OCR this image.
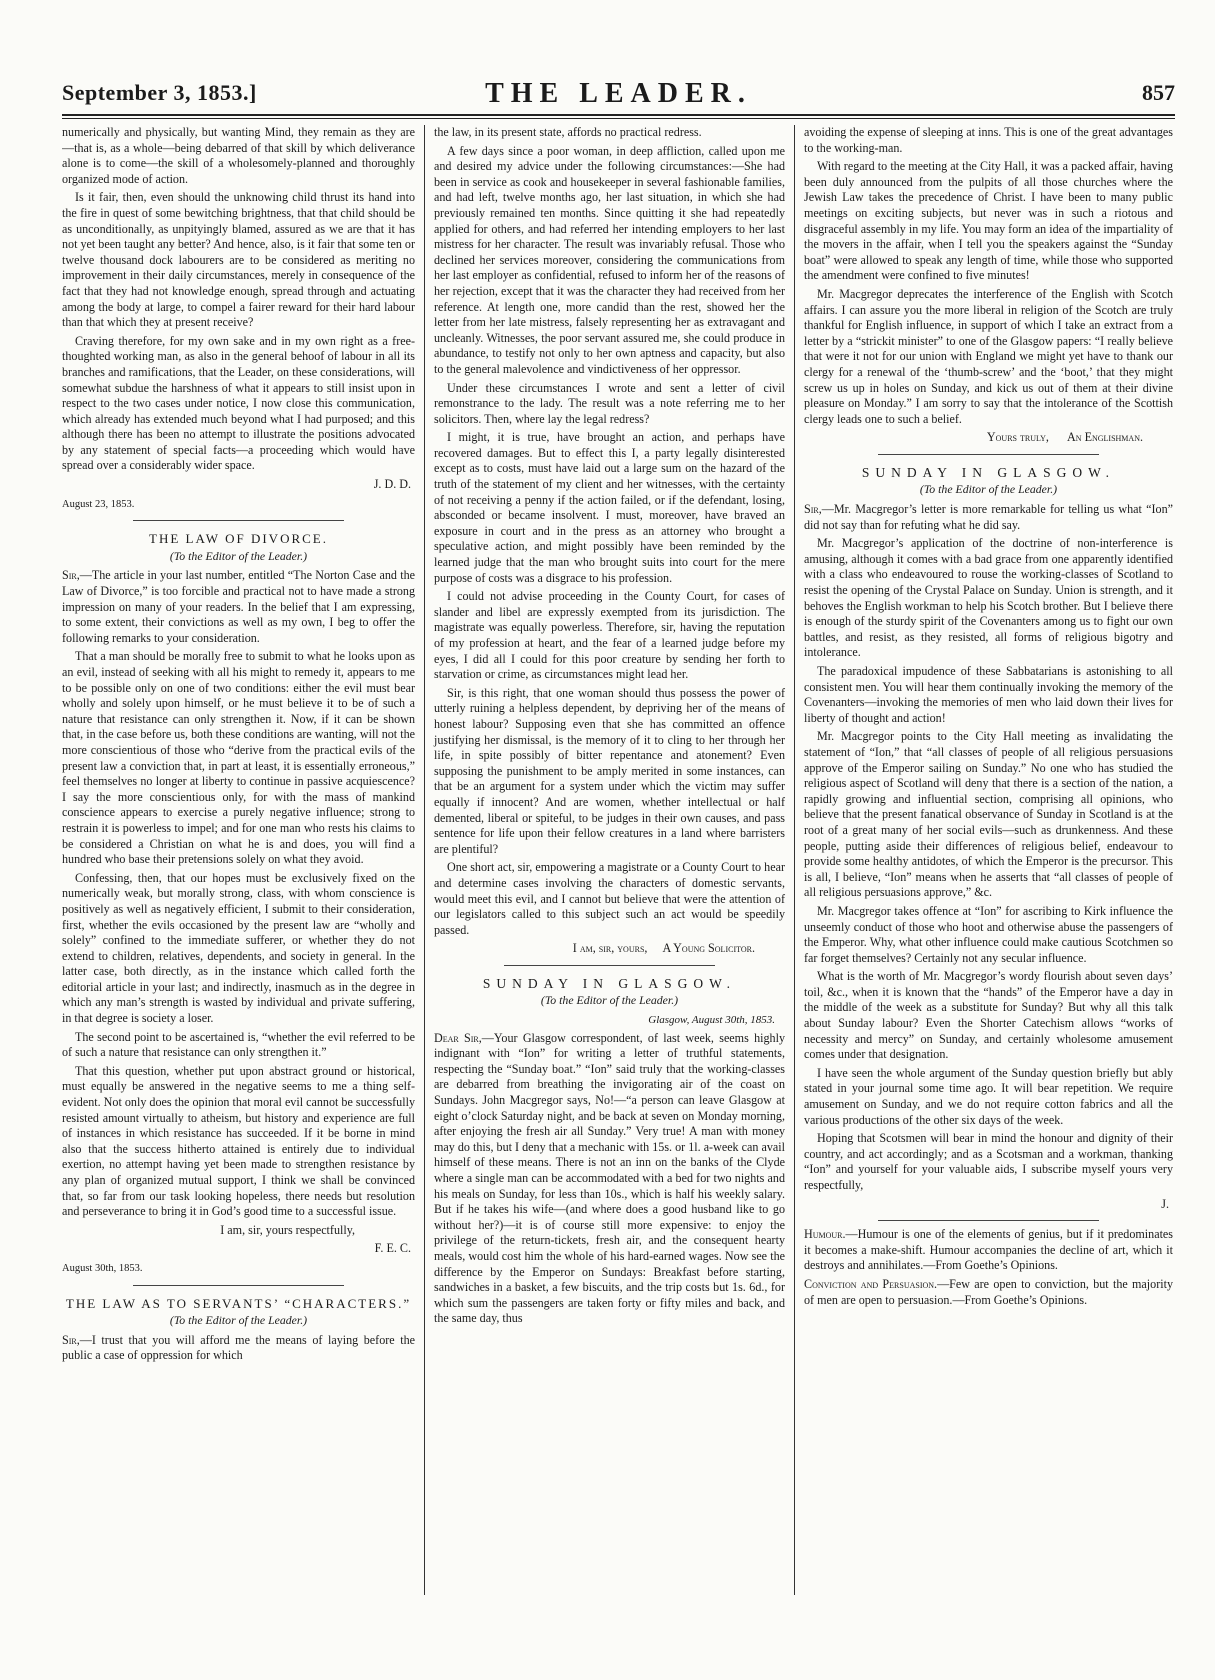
September 3, 1853.]	THE LEADER.	857

numerically and physically, but wanting Mind, they remain as they are—that is, as a whole—being debarred of that skill by which deliverance alone is to come—the skill of a wholesomely-planned and thoroughly organized mode of action.

Is it fair, then, even should the unknowing child thrust its hand into the fire in quest of some bewitching brightness, that that child should be as unconditionally, as unpityingly blamed, assured as we are that it has not yet been taught any better? And hence, also, is it fair that some ten or twelve thousand dock labourers are to be considered as meriting no improvement in their daily circumstances, merely in consequence of the fact that they had not knowledge enough, spread through and actuating among the body at large, to compel a fairer reward for their hard labour than that which they at present receive?

Craving therefore, for my own sake and in my own right as a free-thoughted working man, as also in the general behoof of labour in all its branches and ramifications, that the Leader, on these considerations, will somewhat subdue the harshness of what it appears to still insist upon in respect to the two cases under notice, I now close this communication, which already has extended much beyond what I had purposed; and this although there has been no attempt to illustrate the positions advocated by any statement of special facts—a proceeding which would have spread over a considerably wider space.

J. D. D.
August 23, 1853.
THE LAW OF DIVORCE.
(To the Editor of the Leader.)

Sir,—The article in your last number, entitled “The Norton Case and the Law of Divorce,” is too forcible and practical not to have made a strong impression on many of your readers. In the belief that I am expressing, to some extent, their convictions as well as my own, I beg to offer the following remarks to your consideration.

That a man should be morally free to submit to what he looks upon as an evil, instead of seeking with all his might to remedy it, appears to me to be possible only on one of two conditions: either the evil must bear wholly and solely upon himself, or he must believe it to be of such a nature that resistance can only strengthen it. Now, if it can be shown that, in the case before us, both these conditions are wanting, will not the more conscientious of those who “derive from the practical evils of the present law a conviction that, in part at least, it is essentially erroneous,” feel themselves no longer at liberty to continue in passive acquiescence? I say the more conscientious only, for with the mass of mankind conscience appears to exercise a purely negative influence; strong to restrain it is powerless to impel; and for one man who rests his claims to be considered a Christian on what he is and does, you will find a hundred who base their pretensions solely on what they avoid.

Confessing, then, that our hopes must be exclusively fixed on the numerically weak, but morally strong, class, with whom conscience is positively as well as negatively efficient, I submit to their consideration, first, whether the evils occasioned by the present law are “wholly and solely” confined to the immediate sufferer, or whether they do not extend to children, relatives, dependents, and society in general. In the latter case, both directly, as in the instance which called forth the editorial article in your last; and indirectly, inasmuch as in the degree in which any man’s strength is wasted by individual and private suffering, in that degree is society a loser.

The second point to be ascertained is, “whether the evil referred to be of such a nature that resistance can only strengthen it.”

That this question, whether put upon abstract ground or historical, must equally be answered in the negative seems to me a thing self-evident. Not only does the opinion that moral evil cannot be successfully resisted amount virtually to atheism, but history and experience are full of instances in which resistance has succeeded. If it be borne in mind also that the success hitherto attained is entirely due to individual exertion, no attempt having yet been made to strengthen resistance by any plan of organized mutual support, I think we shall be convinced that, so far from our task looking hopeless, there needs but resolution and perseverance to bring it in God’s good time to a successful issue.

I am, sir, yours respectfully,
F. E. C.
August 30th, 1853.
THE LAW AS TO SERVANTS’ “CHARACTERS.”
(To the Editor of the Leader.)

Sir,—I trust that you will afford me the means of laying before the public a case of oppression for which

the law, in its present state, affords no practical redress.

A few days since a poor woman, in deep affliction, called upon me and desired my advice under the following circumstances:—She had been in service as cook and housekeeper in several fashionable families, and had left, twelve months ago, her last situation, in which she had previously remained ten months. Since quitting it she had repeatedly applied for others, and had referred her intending employers to her last mistress for her character. The result was invariably refusal. Those who declined her services moreover, considering the communications from her last employer as confidential, refused to inform her of the reasons of her rejection, except that it was the character they had received from her reference. At length one, more candid than the rest, showed her the letter from her late mistress, falsely representing her as extravagant and uncleanly. Witnesses, the poor servant assured me, she could produce in abundance, to testify not only to her own aptness and capacity, but also to the general malevolence and vindictiveness of her oppressor.

Under these circumstances I wrote and sent a letter of civil remonstrance to the lady. The result was a note referring me to her solicitors. Then, where lay the legal redress?

I might, it is true, have brought an action, and perhaps have recovered damages. But to effect this I, a party legally disinterested except as to costs, must have laid out a large sum on the hazard of the truth of the statement of my client and her witnesses, with the certainty of not receiving a penny if the action failed, or if the defendant, losing, absconded or became insolvent. I must, moreover, have braved an exposure in court and in the press as an attorney who brought a speculative action, and might possibly have been reminded by the learned judge that the man who brought suits into court for the mere purpose of costs was a disgrace to his profession.

I could not advise proceeding in the County Court, for cases of slander and libel are expressly exempted from its jurisdiction. The magistrate was equally powerless. Therefore, sir, having the reputation of my profession at heart, and the fear of a learned judge before my eyes, I did all I could for this poor creature by sending her forth to starvation or crime, as circumstances might lead her.

Sir, is this right, that one woman should thus possess the power of utterly ruining a helpless dependent, by depriving her of the means of honest labour? Supposing even that she has committed an offence justifying her dismissal, is the memory of it to cling to her through her life, in spite possibly of bitter repentance and atonement? Even supposing the punishment to be amply merited in some instances, can that be an argument for a system under which the victim may suffer equally if innocent? And are women, whether intellectual or half demented, liberal or spiteful, to be judges in their own causes, and pass sentence for life upon their fellow creatures in a land where barristers are plentiful?

One short act, sir, empowering a magistrate or a County Court to hear and determine cases involving the characters of domestic servants, would meet this evil, and I cannot but believe that were the attention of our legislators called to this subject such an act would be speedily passed.

I am, sir, yours, A Young Solicitor.
SUNDAY IN GLASGOW.
(To the Editor of the Leader.)
Glasgow, August 30th, 1853.

Dear Sir,—Your Glasgow correspondent, of last week, seems highly indignant with “Ion” for writing a letter of truthful statements, respecting the “Sunday boat.” “Ion” said truly that the working-classes are debarred from breathing the invigorating air of the coast on Sundays. John Macgregor says, No!—“a person can leave Glasgow at eight o’clock Saturday night, and be back at seven on Monday morning, after enjoying the fresh air all Sunday.” Very true! A man with money may do this, but I deny that a mechanic with 15s. or 1l. a-week can avail himself of these means. There is not an inn on the banks of the Clyde where a single man can be accommodated with a bed for two nights and his meals on Sunday, for less than 10s., which is half his weekly salary. But if he takes his wife—(and where does a good husband like to go without her?)—it is of course still more expensive: to enjoy the privilege of the return-tickets, fresh air, and the consequent hearty meals, would cost him the whole of his hard-earned wages. Now see the difference by the Emperor on Sundays: Breakfast before starting, sandwiches in a basket, a few biscuits, and the trip costs but 1s. 6d., for which sum the passengers are taken forty or fifty miles and back, and the same day, thus

avoiding the expense of sleeping at inns. This is one of the great advantages to the working-man.

With regard to the meeting at the City Hall, it was a packed affair, having been duly announced from the pulpits of all those churches where the Jewish Law takes the precedence of Christ. I have been to many public meetings on exciting subjects, but never was in such a riotous and disgraceful assembly in my life. You may form an idea of the impartiality of the movers in the affair, when I tell you the speakers against the “Sunday boat” were allowed to speak any length of time, while those who supported the amendment were confined to five minutes!

Mr. Macgregor deprecates the interference of the English with Scotch affairs. I can assure you the more liberal in religion of the Scotch are truly thankful for English influence, in support of which I take an extract from a letter by a “strickit minister” to one of the Glasgow papers: “I really believe that were it not for our union with England we might yet have to thank our clergy for a renewal of the ‘thumb-screw’ and the ‘boot,’ that they might screw us up in holes on Sunday, and kick us out of them at their divine pleasure on Monday.” I am sorry to say that the intolerance of the Scottish clergy leads one to such a belief.

Yours truly, An Englishman.
SUNDAY IN GLASGOW.
(To the Editor of the Leader.)

Sir,—Mr. Macgregor’s letter is more remarkable for telling us what “Ion” did not say than for refuting what he did say.

Mr. Macgregor’s application of the doctrine of non-interference is amusing, although it comes with a bad grace from one apparently identified with a class who endeavoured to rouse the working-classes of Scotland to resist the opening of the Crystal Palace on Sunday. Union is strength, and it behoves the English workman to help his Scotch brother. But I believe there is enough of the sturdy spirit of the Covenanters among us to fight our own battles, and resist, as they resisted, all forms of religious bigotry and intolerance.

The paradoxical impudence of these Sabbatarians is astonishing to all consistent men. You will hear them continually invoking the memory of the Covenanters—invoking the memories of men who laid down their lives for liberty of thought and action!

Mr. Macgregor points to the City Hall meeting as invalidating the statement of “Ion,” that “all classes of people of all religious persuasions approve of the Emperor sailing on Sunday.” No one who has studied the religious aspect of Scotland will deny that there is a section of the nation, a rapidly growing and influential section, comprising all opinions, who believe that the present fanatical observance of Sunday in Scotland is at the root of a great many of her social evils—such as drunkenness. And these people, putting aside their differences of religious belief, endeavour to provide some healthy antidotes, of which the Emperor is the precursor. This is all, I believe, “Ion” means when he asserts that “all classes of people of all religious persuasions approve,” &c.

Mr. Macgregor takes offence at “Ion” for ascribing to Kirk influence the unseemly conduct of those who hoot and otherwise abuse the passengers of the Emperor. Why, what other influence could make cautious Scotchmen so far forget themselves? Certainly not any secular influence.

What is the worth of Mr. Macgregor’s wordy flourish about seven days’ toil, &c., when it is known that the “hands” of the Emperor have a day in the middle of the week as a substitute for Sunday? But why all this talk about Sunday labour? Even the Shorter Catechism allows “works of necessity and mercy” on Sunday, and certainly wholesome amusement comes under that designation.

I have seen the whole argument of the Sunday question briefly but ably stated in your journal some time ago. It will bear repetition. We require amusement on Sunday, and we do not require cotton fabrics and all the various productions of the other six days of the week.

Hoping that Scotsmen will bear in mind the honour and dignity of their country, and act accordingly; and as a Scotsman and a workman, thanking “Ion” and yourself for your valuable aids, I subscribe myself yours very respectfully,

J.

Humour.—Humour is one of the elements of genius, but if it predominates it becomes a make-shift. Humour accompanies the decline of art, which it destroys and annihilates.—From Goethe’s Opinions.

Conviction and Persuasion.—Few are open to conviction, but the majority of men are open to persuasion.—From Goethe’s Opinions.
